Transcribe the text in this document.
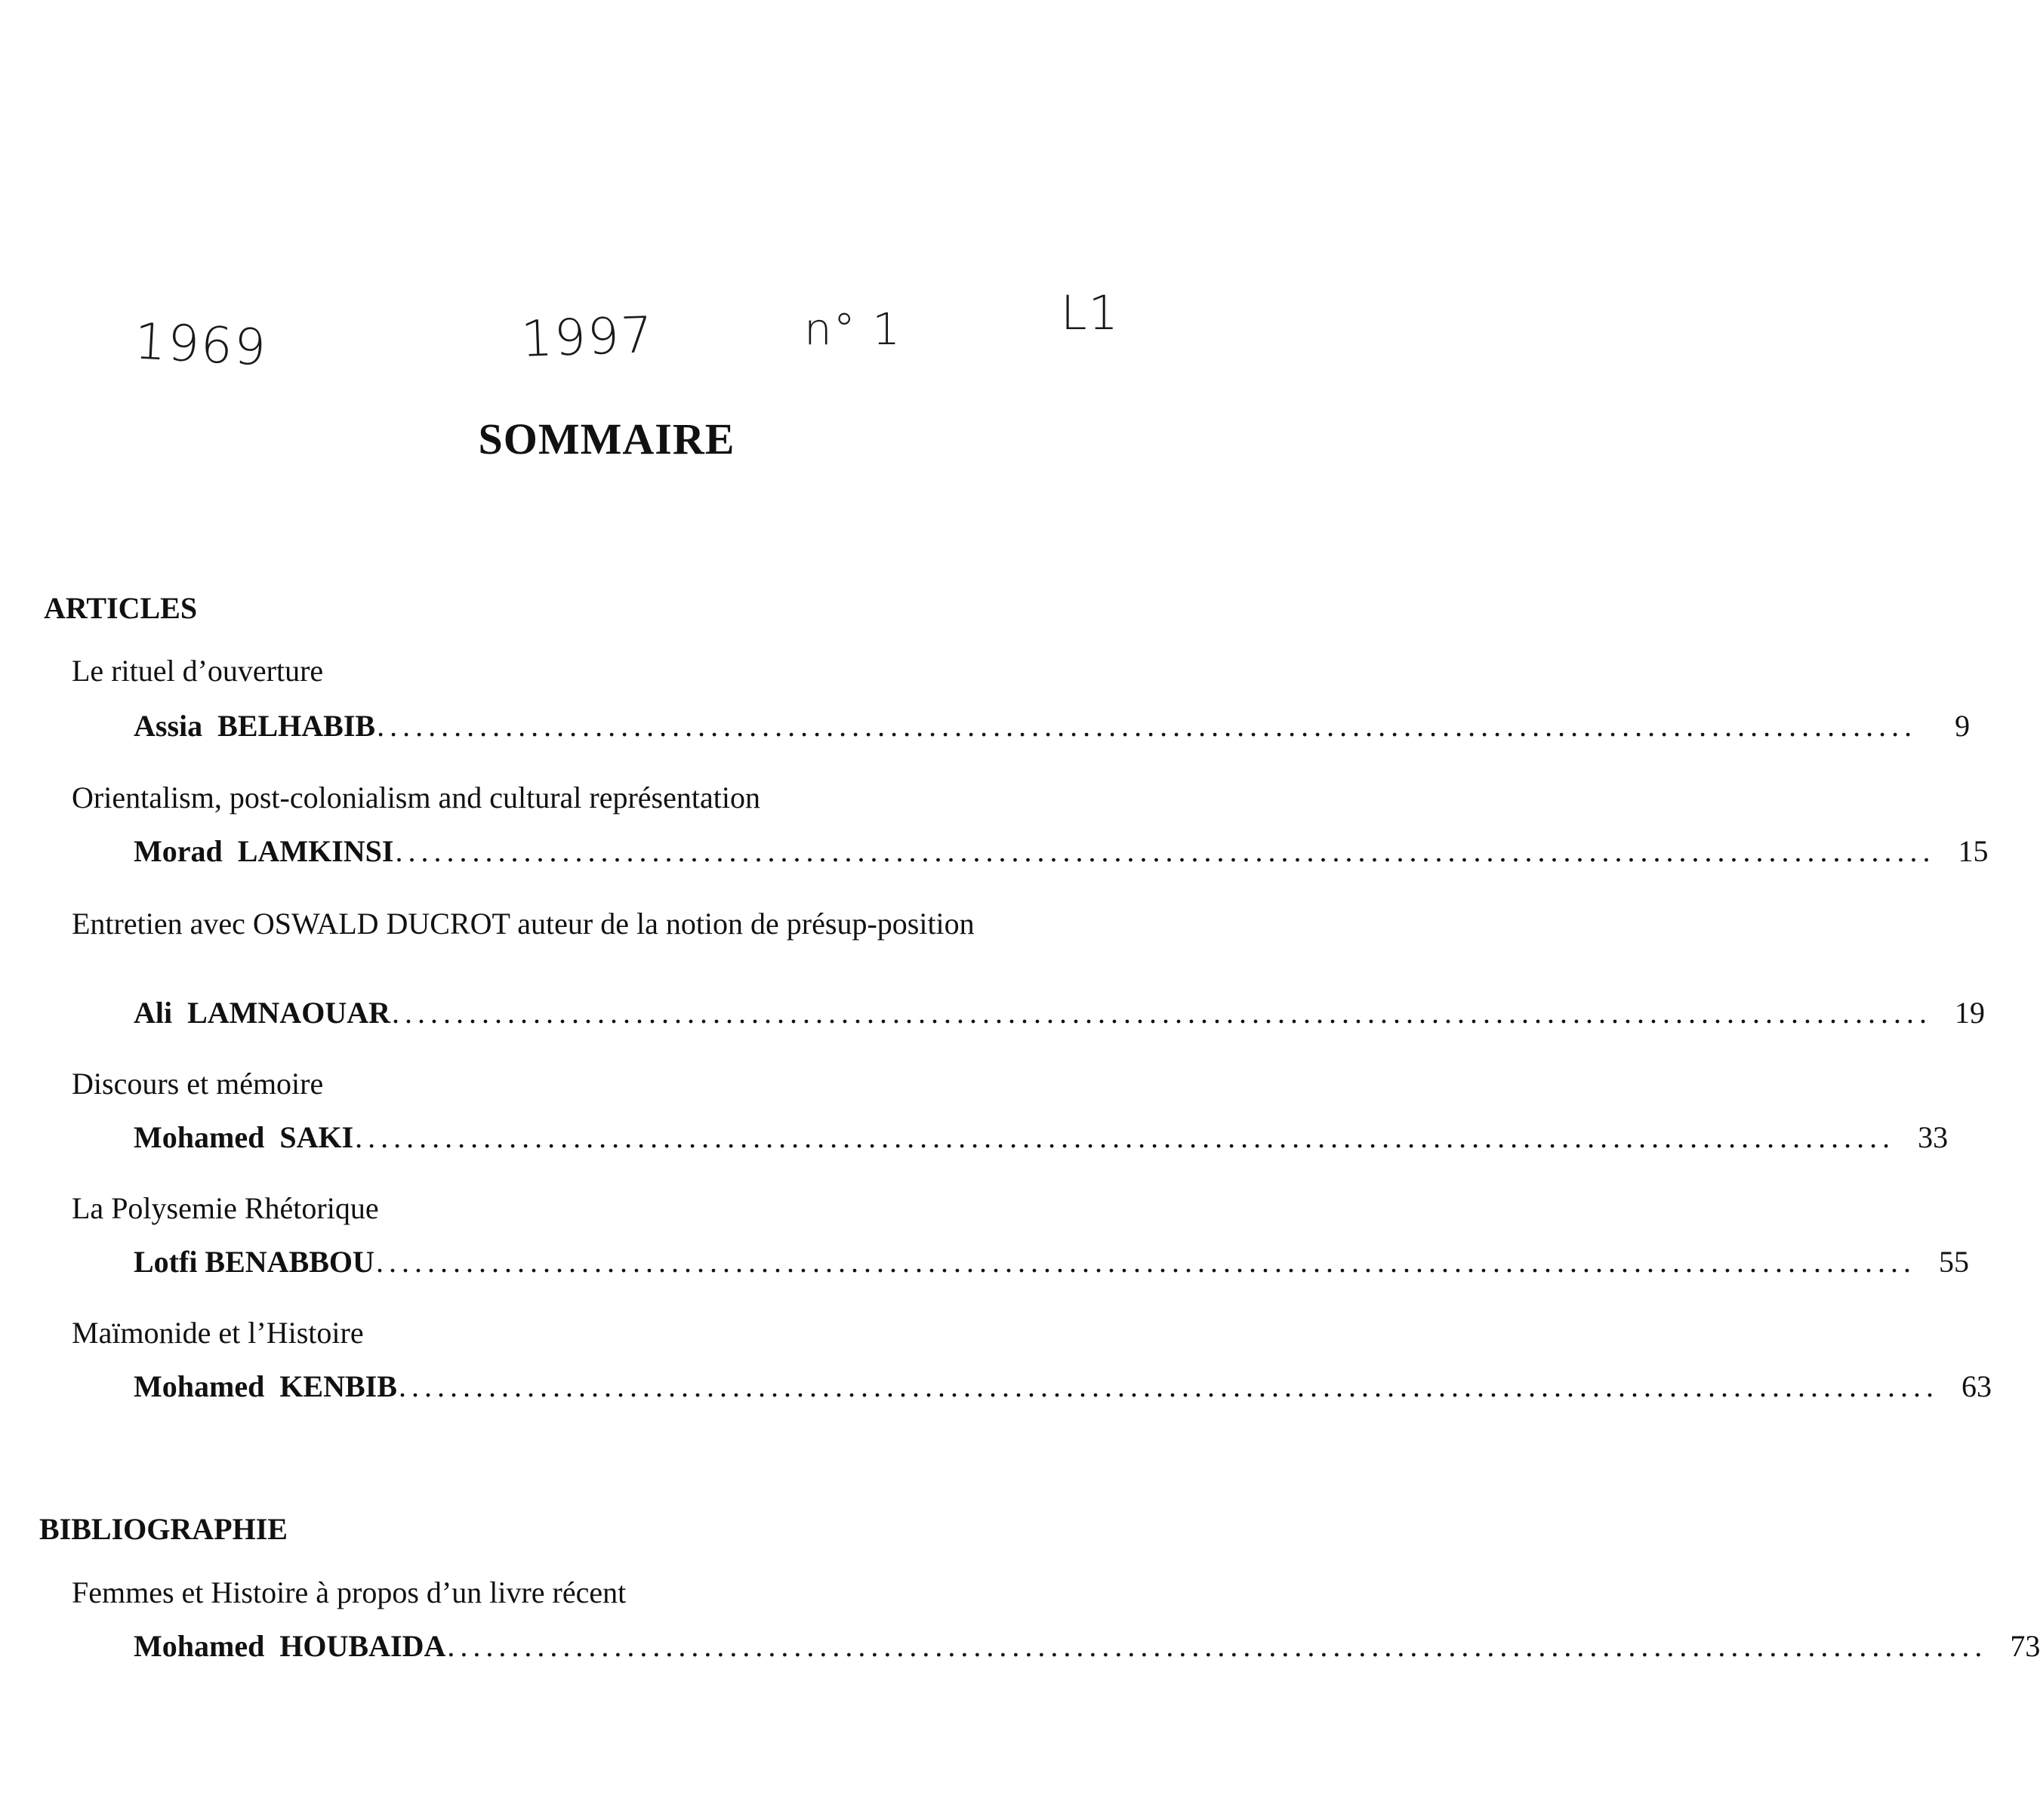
1969	1997	n° 1	L1
SOMMAIRE
ARTICLES
Le rituel d’ouverture
Assia  BELHABIB ........................................................................................................................	9
Orientalism, post-colonialism and cultural représentation
Morad  LAMKINSI ........................................................................................................................ 15
Entretien avec OSWALD DUCROT auteur de la notion de présup-position
Ali  LAMNAOUAR ........................................................................................................................ 19
Discours et mémoire
Mohamed  SAKI ........................................................................................................................ 33
La Polysemie Rhétorique
Lotfi BENABBOU ........................................................................................................................ 55
Maïmonide et l’Histoire
Mohamed  KENBIB ........................................................................................................................ 63
BIBLIOGRAPHIE
Femmes et Histoire à propos d’un livre récent
Mohamed  HOUBAIDA ........................................................................................................................ 73
